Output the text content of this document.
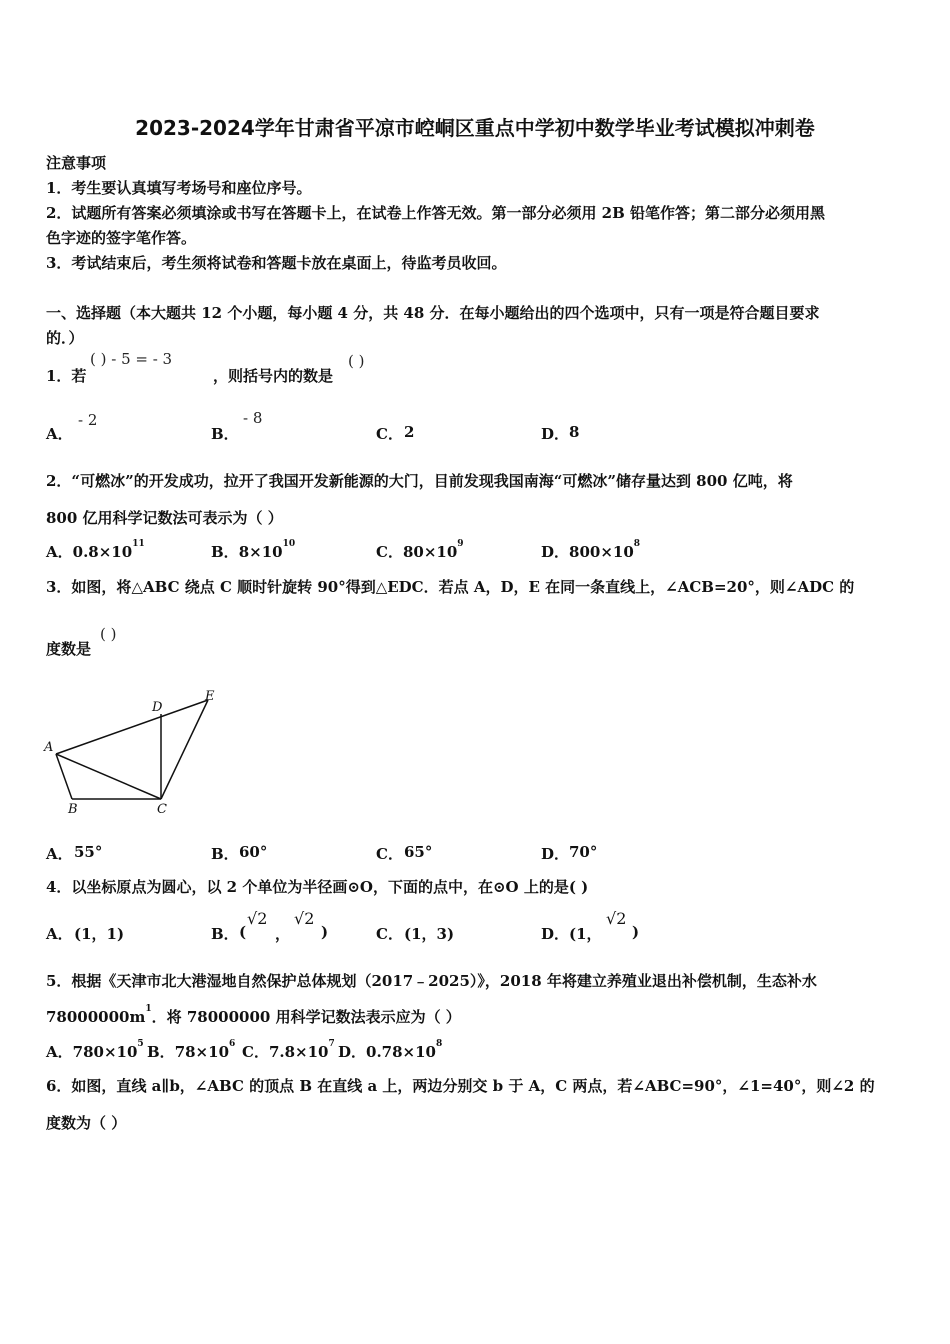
2023-2024学年甘肃省平凉市崆峒区重点中学初中数学毕业考试模拟冲刺卷
注意事项
1．考生要认真填写考场号和座位序号。
2．试题所有答案必须填涂或书写在答题卡上，在试卷上作答无效。第一部分必须用 2B 铅笔作答；第二部分必须用黑
色字迹的签字笔作答。
3．考试结束后，考生须将试卷和答题卡放在桌面上，待监考员收回。
一、选择题（本大题共 12 个小题，每小题 4 分，共 48 分．在每小题给出的四个选项中，只有一项是符合题目要求
的．）
1．若
( ) - 5 = - 3
，则括号内的数是
( )
A．
- 2
B．
- 8
C． 2	D． 8
2．“可燃冰”的开发成功，拉开了我国开发新能源的大门，目前发现我国南海“可燃冰”储存量达到 800 亿吨，将
800 亿用科学记数法可表示为（ ）
A．$0.8\times 10^{11}$	B．$8\times 10^{10}$	C．$80\times 10^9$	D．$800\times 10^8$
3．如图，将△ABC 绕点 C 顺时针旋转 90°得到△EDC．若点 A，D，E 在同一条直线上，∠ACB=20°，则∠ADC 的
度数是
( )
A
B	C
D
E
A． 55°	B． 60°	C． 65°	D． 70°
4．以坐标原点为圆心，以 2 个单位为半径画⊙O，下面的点中，在⊙O 上的是( )
A． (1，1)	B． (
√2
，
√2
)	C． (1，3)	D． (1，
√2
)
5．根据《天津市北大港湿地自然保护总体规划（2017﹣2025）》，2018 年将建立养殖业退出补偿机制，生态补水
$78000000m^1$．将 78000000 用科学记数法表示应为（ ）
A．$780\times 10^5$ B．$78\times 10^6$ C．$7.8\times 10^7$ D．$0.78\times 10^8$
6．如图，直线 a∥b，∠ABC 的顶点 B 在直线 a 上，两边分别交 b 于 A，C 两点，若∠ABC=90°，∠1=40°，则∠2 的
度数为（ ）
